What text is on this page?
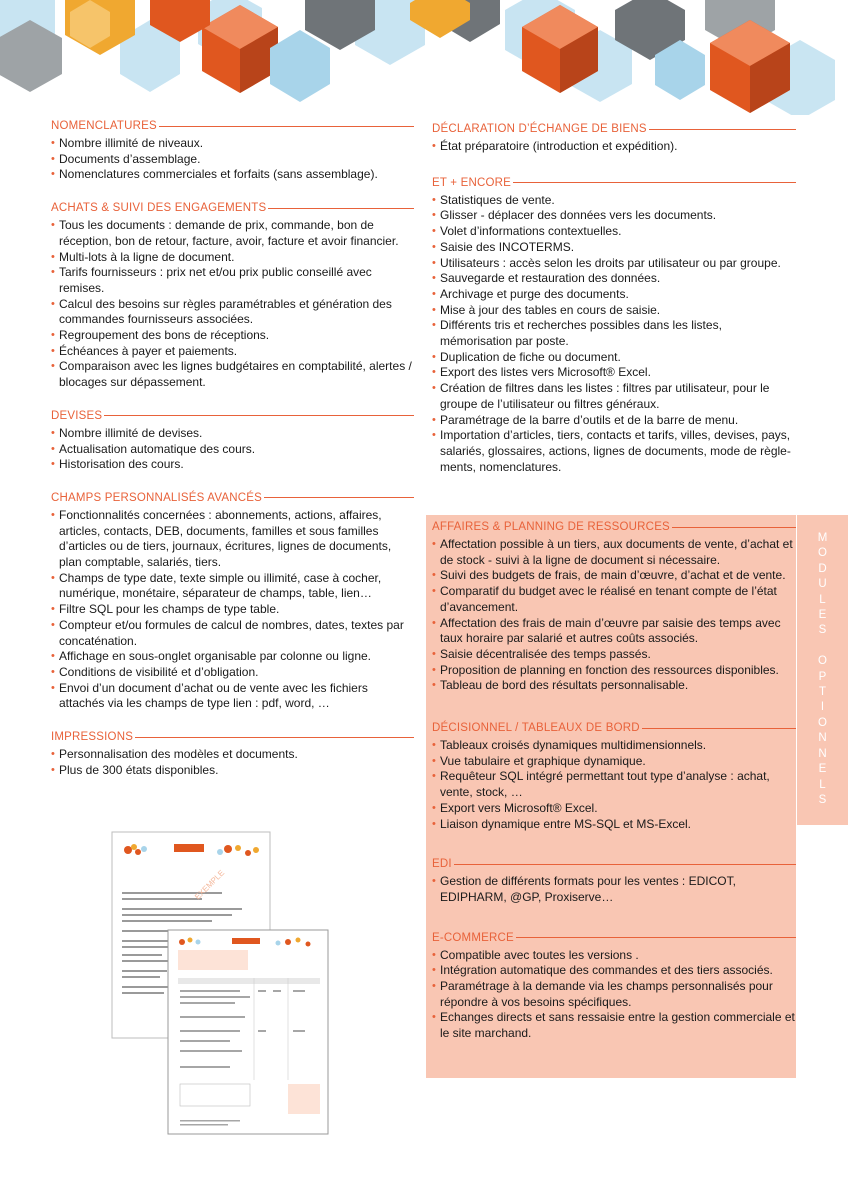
NOMENCLATURES
• Nombre illimité de niveaux.
• Documents d’assemblage.
• Nomenclatures commerciales et forfaits (sans assemblage).
ACHATS & SUIVI DES ENGAGEMENTS
• Tous les documents : demande de prix, commande, bon de réception, bon de retour, facture, avoir, facture et avoir financier.
• Multi-lots à la ligne de document.
• Tarifs fournisseurs : prix net et/ou prix public conseillé avec remises.
• Calcul des besoins sur règles paramétrables et génération des commandes fournisseurs associées.
• Regroupement des bons de réceptions.
• Échéances à payer et paiements.
• Comparaison avec les lignes budgétaires en comptabilité, alertes / blocages sur dépassement.
DEVISES
• Nombre illimité de devises.
• Actualisation automatique des cours.
• Historisation des cours.
CHAMPS PERSONNALISÉS AVANCÉS
• Fonctionnalités concernées : abonnements, actions, affaires, articles, contacts, DEB, documents, familles et sous familles d’articles ou de tiers, journaux, écritures, lignes de documents, plan comptable, salariés, tiers.
• Champs de type date, texte simple ou illimité, case à cocher, numérique, monétaire, séparateur de champs, table, lien…
• Filtre SQL pour les champs de type table.
• Compteur et/ou formules de calcul de nombres, dates, textes par concaténation.
• Affichage en sous-onglet organisable par colonne ou ligne.
• Conditions de visibilité et d’obligation.
• Envoi d’un document d’achat ou de vente avec les fichiers attachés via les champs de type lien : pdf, word, …
IMPRESSIONS
• Personnalisation des modèles et documents.
• Plus de 300 états disponibles.
DÉCLARATION D’ÉCHANGE DE BIENS
• État préparatoire (introduction et expédition).
ET + ENCORE
• Statistiques de vente.
• Glisser - déplacer des données vers les documents.
• Volet d’informations contextuelles.
• Saisie des INCOTERMS.
• Utilisateurs : accès selon les droits par utilisateur ou par groupe.
• Sauvegarde et restauration des données.
• Archivage et purge des documents.
• Mise à jour des tables en cours de saisie.
• Différents tris et recherches possibles dans les listes, mémorisation par poste.
• Duplication de fiche ou document.
• Export des listes vers Microsoft® Excel.
• Création de filtres dans les listes : filtres par utilisateur, pour le groupe de l’utilisateur ou filtres généraux.
• Paramétrage de la barre d’outils et de la barre de menu.
• Importation d’articles, tiers, contacts et tarifs, villes, devises, pays, salariés, glossaires, actions, lignes de documents, mode de règle-ments, nomenclatures.
M
O
D
U
L
E
S

O
P
T
I
O
N
N
E
L
S
AFFAIRES & PLANNING DE RESSOURCES
• Affectation possible à un tiers, aux documents de vente, d’achat et de stock - suivi à la ligne de document si nécessaire.
• Suivi des budgets de frais, de main d’œuvre, d’achat et de vente.
• Comparatif du budget avec le réalisé en tenant compte de l’état d’avancement.
• Affectation des frais de main d’œuvre par saisie des temps avec taux horaire par salarié et autres coûts associés.
• Saisie décentralisée des temps passés.
• Proposition de planning en fonction des ressources disponibles.
• Tableau de bord des résultats personnalisable.
DÉCISIONNEL / TABLEAUX DE BORD
• Tableaux croisés dynamiques multidimensionnels.
• Vue tabulaire et graphique dynamique.
• Requêteur SQL intégré permettant tout type d’analyse : achat, vente, stock, …
• Export vers Microsoft® Excel.
• Liaison dynamique entre MS-SQL et MS-Excel.
EDI
• Gestion de différents formats pour les ventes : EDICOT, EDIPHARM, @GP, Proxiserve…
E-COMMERCE
• Compatible avec toutes les versions .
• Intégration automatique des commandes et des tiers associés.
• Paramétrage à la demande via les champs personnalisés pour répondre à vos besoins spécifiques.
• Echanges directs et sans ressaisie entre la gestion commerciale et le site marchand.
EXEMPLE
